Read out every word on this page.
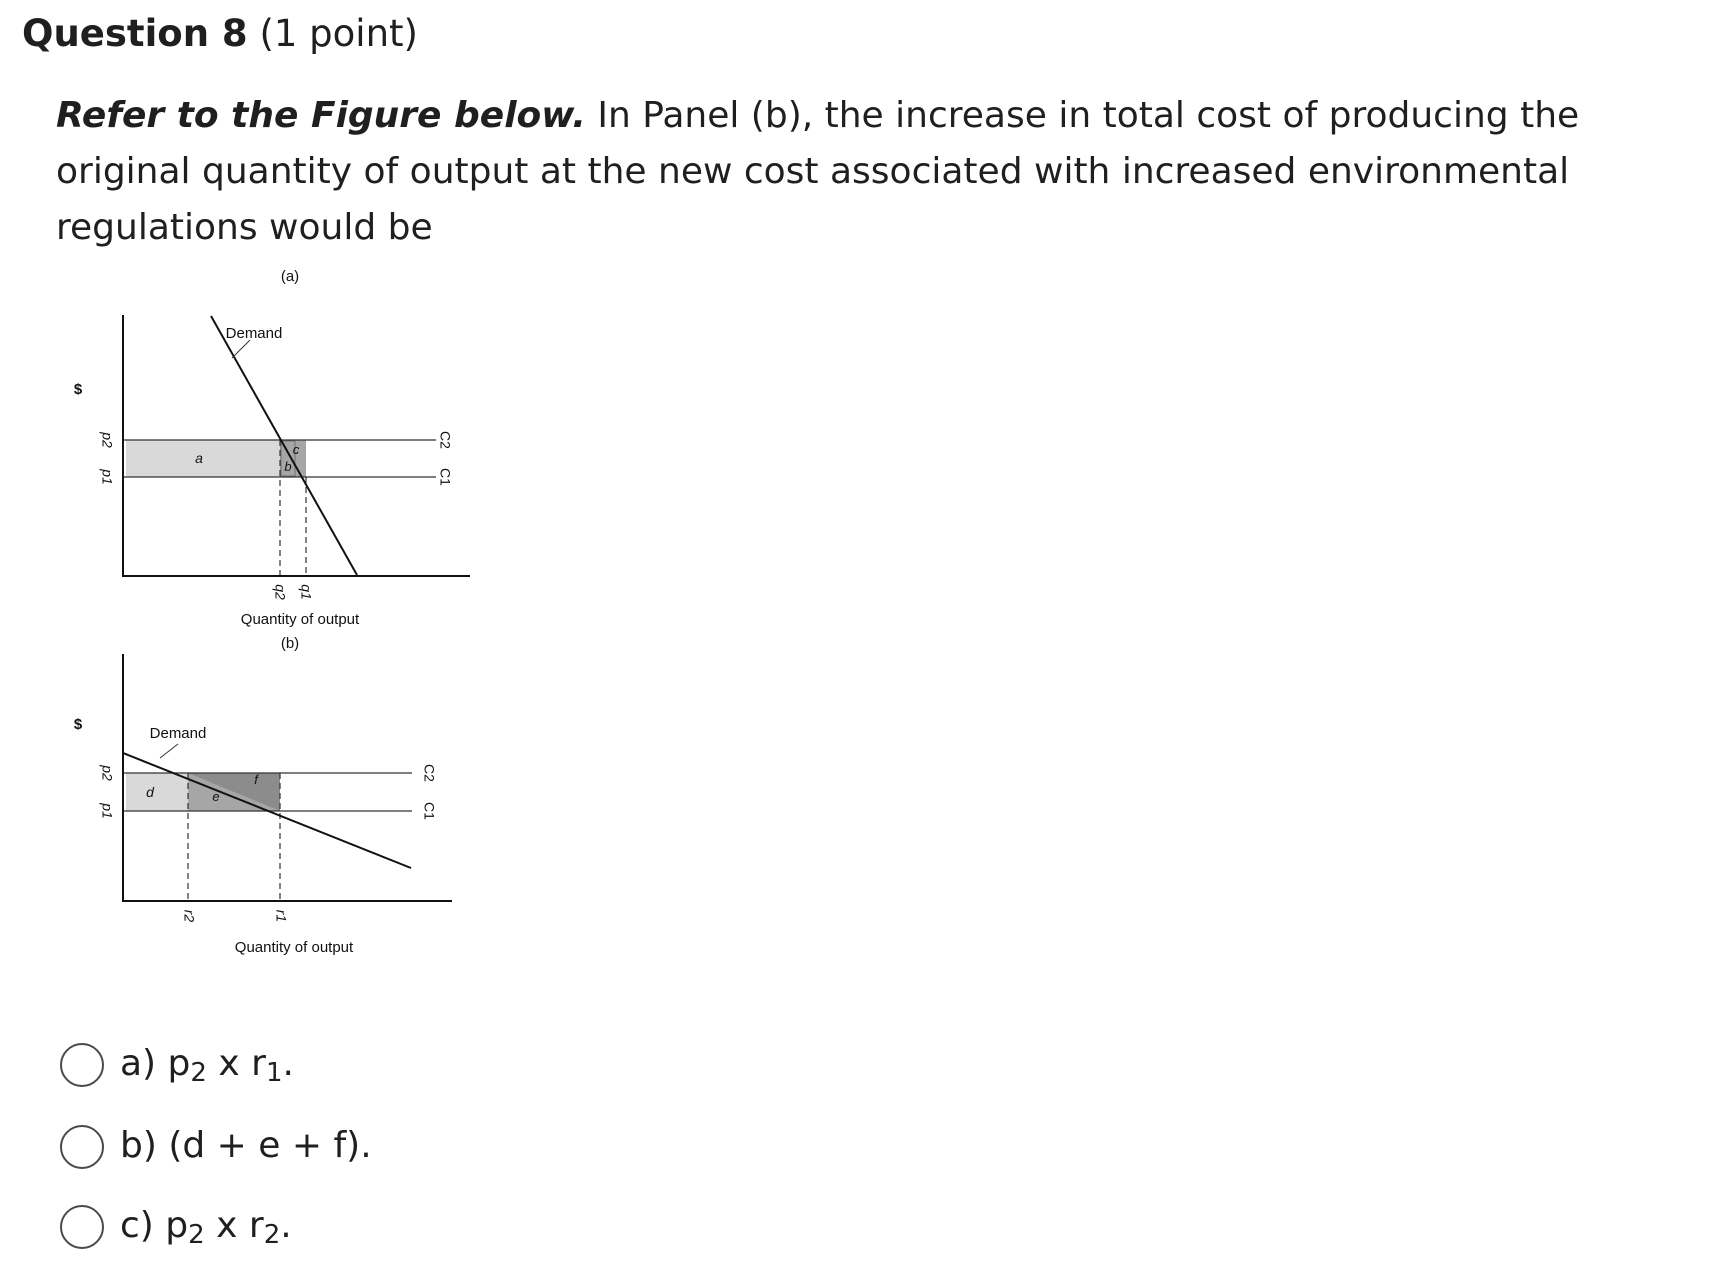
Question 8 (1 point)
Refer to the Figure below. In Panel (b), the increase in total cost of producing the original quantity of output at the new cost associated with increased environmental regulations would be
(a)
$
Demand
p2
p1
C2
C1
a
b
c
q2 q1
Quantity of output
(b)
$
Demand
p2
p1
C2
C1
d	e
f
r2	r1
Quantity of output
a) $p_2$ x $r_1$.
b) (d + e + f).
c) $p_2$ x $r_2$.
